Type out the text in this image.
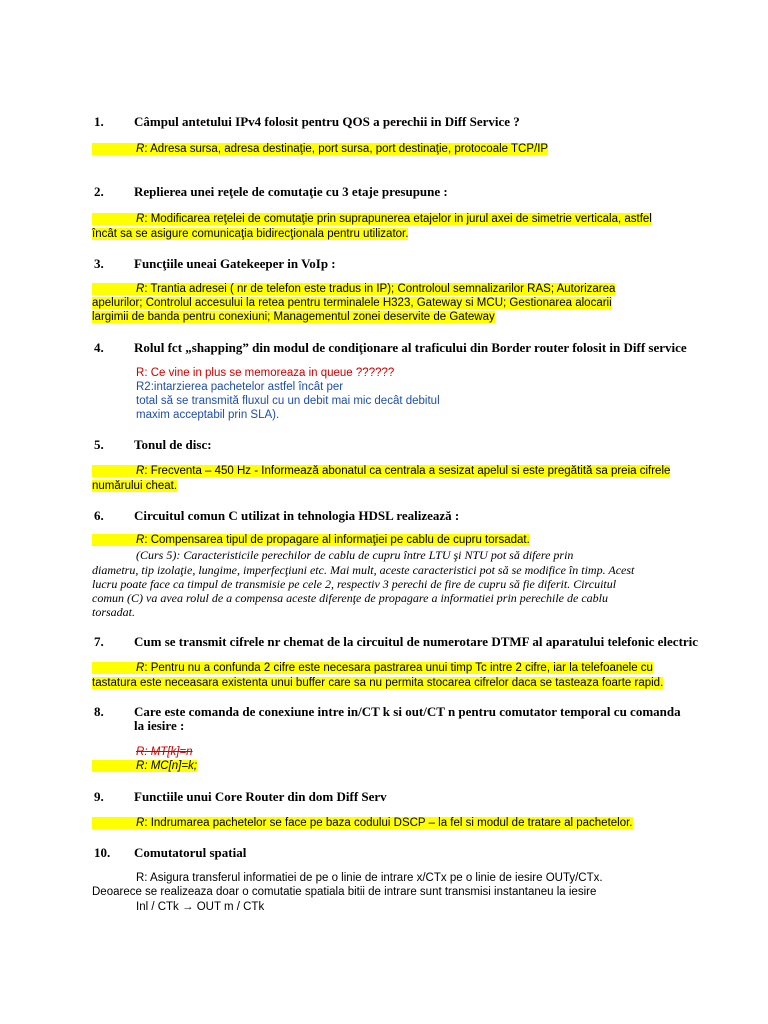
1. Câmpul antetului IPv4 folosit pentru QOS a perechii in Diff Service ?
R: Adresa sursa, adresa destinaţie, port sursa, port destinaţie, protocoale TCP/IP
2. Replierea unei reţele de comutaţie cu 3 etaje presupune :
R: Modificarea reţelei de comutaţie prin suprapunerea etajelor in jurul axei de simetrie verticala, astfel
încât sa se asigure comunicaţia bidirecţionala pentru utilizator.
3. Funcţiile uneai Gatekeeper in VoIp :
R: Trantia adresei ( nr de telefon este tradus in IP); Controloul semnalizarilor RAS; Autorizarea
apelurilor; Controlul accesului la retea pentru terminalele H323, Gateway si MCU; Gestionarea alocarii
largimii de banda pentru conexiuni; Managementul zonei deservite de Gateway
4. Rolul fct „shapping” din modul de condiţionare al traficului din Border router folosit in Diff service
R: Ce vine in plus se memoreaza in queue ??????
R2:intarzierea pachetelor astfel încât per
total să se transmită fluxul cu un debit mai mic decât debitul
maxim acceptabil prin SLA).
5. Tonul de disc:
R: Frecventa – 450 Hz - Informează abonatul ca centrala a sesizat apelul si este pregătită sa preia cifrele
numărului cheat.
6. Circuitul comun C utilizat in tehnologia HDSL realizează :
R: Compensarea tipul de propagare al informaţiei pe cablu de cupru torsadat.
(Curs 5): Caracteristicile perechilor de cablu de cupru între LTU şi NTU pot să difere prin
diametru, tip izolaţie, lungime, imperfecţiuni etc. Mai mult, aceste caracteristici pot să se modifice în timp. Acest
lucru poate face ca timpul de transmisie pe cele 2, respectiv 3 perechi de fire de cupru să fie diferit. Circuitul
comun (C) va avea rolul de a compensa aceste diferenţe de propagare a informatiei prin perechile de cablu
torsadat.
7. Cum se transmit cifrele nr chemat de la circuitul de numerotare DTMF al aparatului telefonic electric
R: Pentru nu a confunda 2 cifre este necesara pastrarea unui timp Tc intre 2 cifre, iar la telefoanele cu
tastatura este neceasara existenta unui buffer care sa nu permita stocarea cifrelor daca se tasteaza foarte rapid.
8. Care este comanda de conexiune intre in/CT k si out/CT n pentru comutator temporal cu comanda
la iesire :
R: MT[k]=n
R: MC[n]=k;
9. Functiile unui Core Router din dom Diff Serv
R: Indrumarea pachetelor se face pe baza codului DSCP – la fel si modul de tratare al pachetelor.
10. Comutatorul spatial
R: Asigura transferul informatiei de pe o linie de intrare x/CTx pe o linie de iesire OUTy/CTx.
Deoarece se realizeaza doar o comutatie spatiala bitii de intrare sunt transmisi instantaneu la iesire
Inl / CTk → OUT m / CTk
